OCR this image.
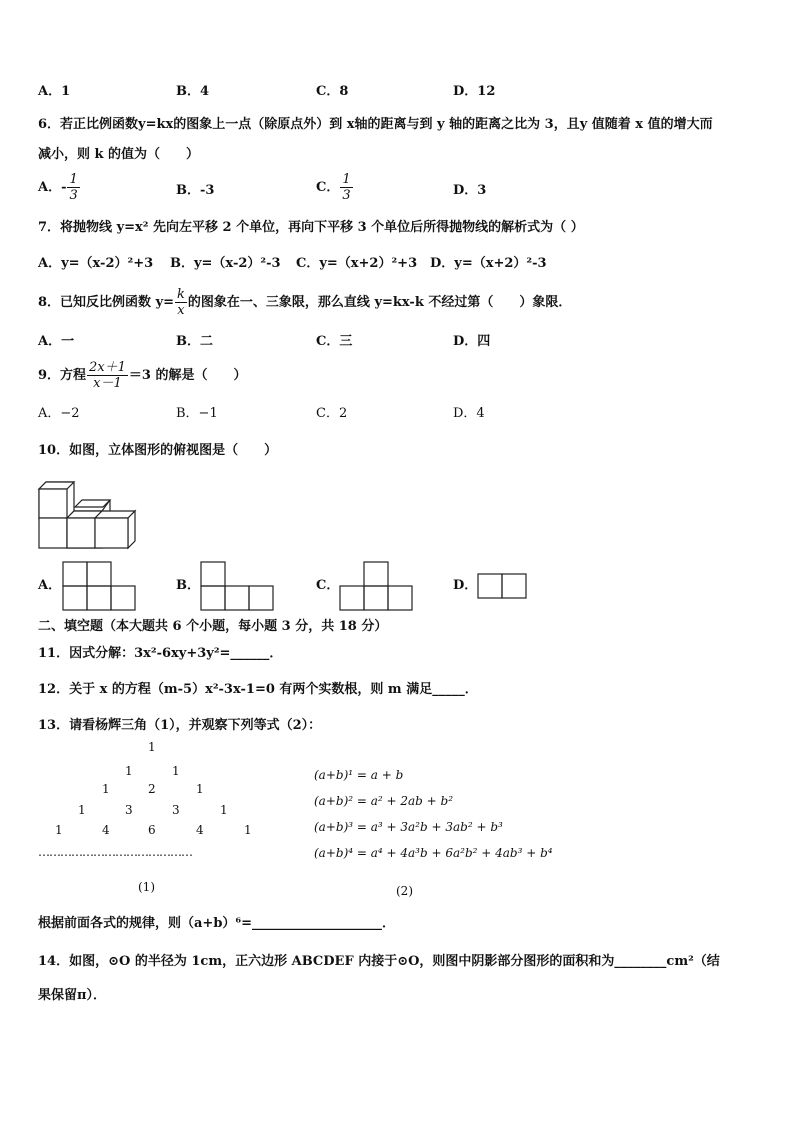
A．1	B．4	C．8	D．12
6．若正比例函数y=kx的图象上一点（除原点外）到 x轴的距离与到 y 轴的距离之比为 3，且y 值随着 x 值的增大而
减小，则 k 的值为（　　）
A．- $\frac{1}{3}$	B．-3	C． $\frac{1}{3}$	D．3
7．将抛物线 y=x² 先向左平移 2 个单位，再向下平移 3 个单位后所得抛物线的解析式为（ ）
A．y=（x-2）²+3 B．y=（x-2）²-3 C．y=（x+2）²+3 D．y=（x+2）²-3
8．已知反比例函数 $y= \frac{k}{x}$ 的图象在一、三象限，那么直线 y=kx-k 不经过第（　　）象限．
A．一	B．二	C．三	D．四
9．方程 $\frac{2x+1}{x-1} =3$ 的解是（　　）
A．−2	B．−1	C．2	D．4
10．如图，立体图形的俯视图是（　　）
A．	B．	C．	D．
二、填空题（本大题共 6 个小题，每小题 3 分，共 18 分）
11．因式分解：3x²-6xy+3y²=______．
12．关于 x 的方程（m-5）x²-3x-1=0 有两个实数根，则 m 满足_____．
13．请看杨辉三角（1），并观察下列等式（2）：
1
1	1
1	2	1
1	3	3	1
1	4	6	4	1
……………………………………
(a+b)¹ = a + b
(a+b)² = a² + 2ab + b²
(a+b)³ = a³ + 3a²b + 3ab² + b³
(a+b)⁴ = a⁴ + 4a³b + 6a²b² + 4ab³ + b⁴
(1)	(2)
根据前面各式的规律，则（a+b）⁶=____________________．
14．如图，⊙O 的半径为 1cm，正六边形 ABCDEF 内接于⊙O，则图中阴影部分图形的面积和为________cm²（结
果保留π）．
